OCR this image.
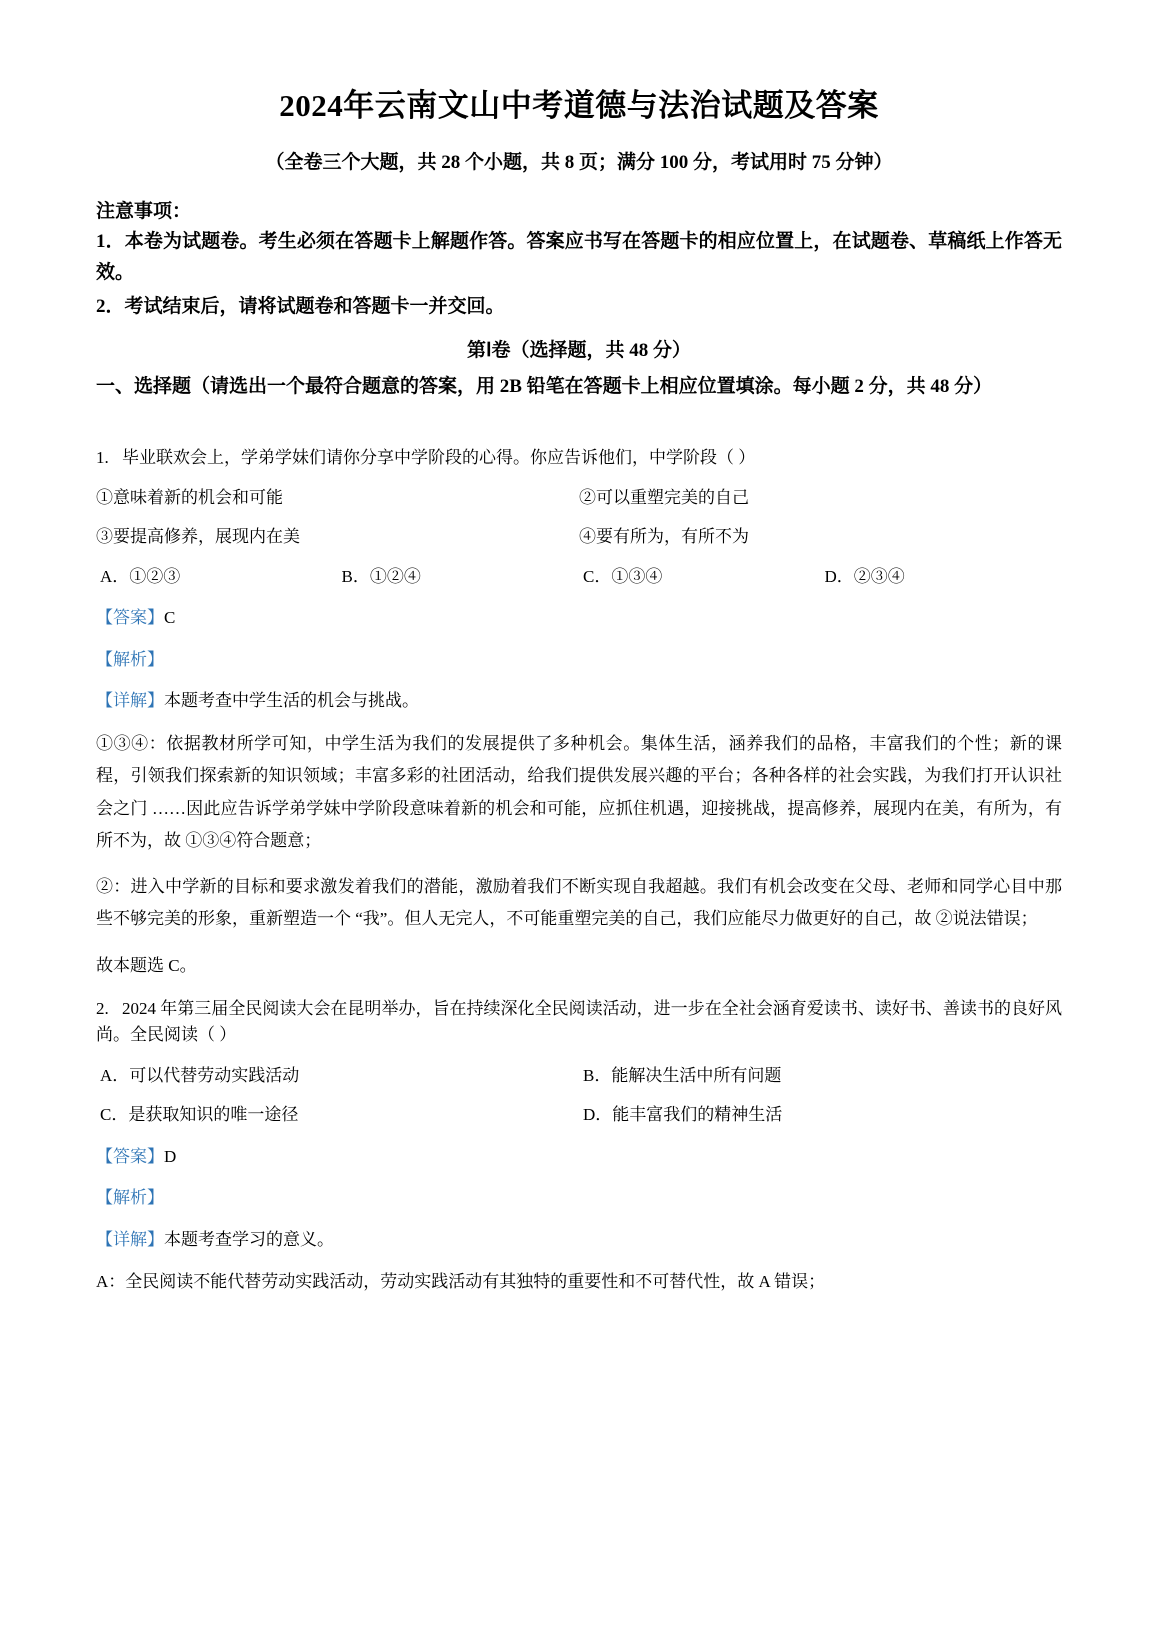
2024年云南文山中考道德与法治试题及答案
（全卷三个大题，共 28 个小题，共 8 页；满分 100 分，考试用时 75 分钟）
注意事项：
1．本卷为试题卷。考生必须在答题卡上解题作答。答案应书写在答题卡的相应位置上，在试题卷、草稿纸上作答无效。
2．考试结束后，请将试题卷和答题卡一并交回。
第Ⅰ卷（选择题，共 48 分）
一、选择题（请选出一个最符合题意的答案，用 2B 铅笔在答题卡上相应位置填涂。每小题 2 分，共 48 分）
1. 毕业联欢会上，学弟学妹们请你分享中学阶段的心得。你应告诉他们，中学阶段（ ）
①意味着新的机会和可能	②可以重塑完美的自己
③要提高修养，展现内在美	④要有所为，有所不为
A．①②③	B．①②④	C．①③④	D．②③④
【答案】C
【解析】
【详解】本题考查中学生活的机会与挑战。
①③④：依据教材所学可知，中学生活为我们的发展提供了多种机会。集体生活，涵养我们的品格，丰富我们的个性；新的课程，引领我们探索新的知识领域；丰富多彩的社团活动，给我们提供发展兴趣的平台；各种各样的社会实践，为我们打开认识社会之门 ……因此应告诉学弟学妹中学阶段意味着新的机会和可能，应抓住机遇，迎接挑战，提高修养，展现内在美，有所为，有所不为，故 ①③④符合题意；
②：进入中学新的目标和要求激发着我们的潜能，激励着我们不断实现自我超越。我们有机会改变在父母、老师和同学心目中那些不够完美的形象，重新塑造一个 “我”。但人无完人，不可能重塑完美的自己，我们应能尽力做更好的自己，故 ②说法错误；
故本题选 C。
2. 2024 年第三届全民阅读大会在昆明举办，旨在持续深化全民阅读活动，进一步在全社会涵育爱读书、读好书、善读书的良好风尚。全民阅读（ ）
A．可以代替劳动实践活动	B．能解决生活中所有问题
C．是获取知识的唯一途径	D．能丰富我们的精神生活
【答案】D
【解析】
【详解】本题考查学习的意义。
A：全民阅读不能代替劳动实践活动，劳动实践活动有其独特的重要性和不可替代性，故 A 错误；
